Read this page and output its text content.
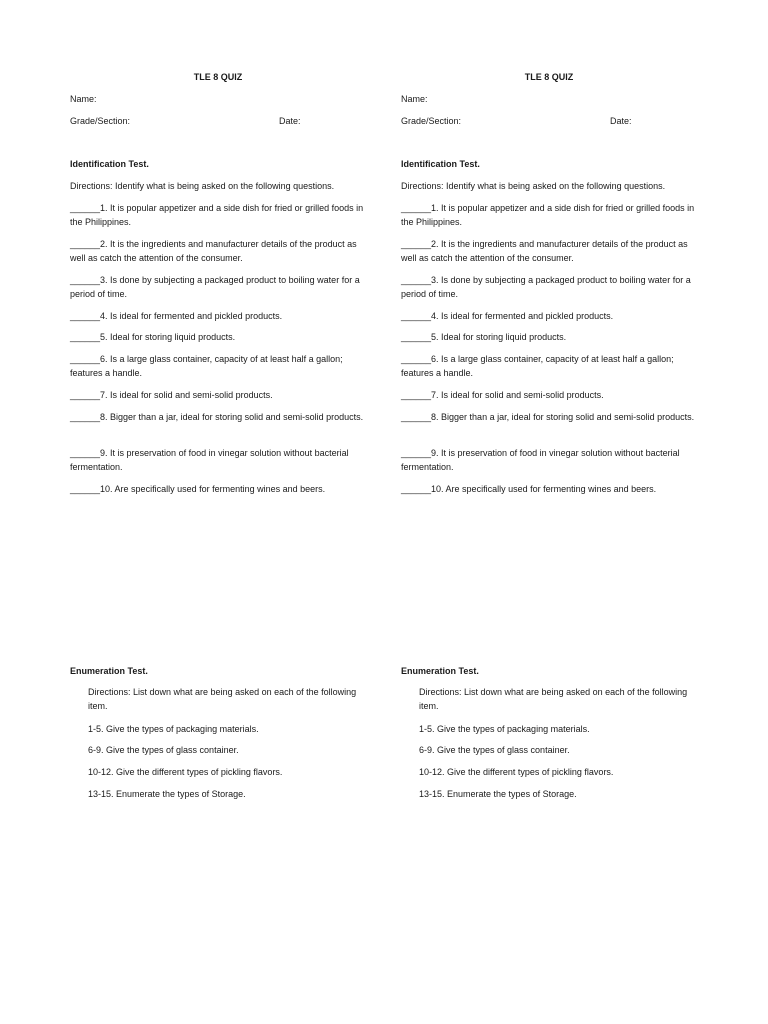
TLE 8 QUIZ
Name:
Grade/Section:	Date:
Identification Test.
Directions: Identify what is being asked on the following questions.
______1. It is popular appetizer and a side dish for fried or grilled foods in the Philippines.
______2. It is the ingredients and manufacturer details of the product as well as catch the attention of the consumer.
______3. Is done by subjecting a packaged product to boiling water for a period of time.
______4. Is ideal for fermented and pickled products.
______5. Ideal for storing liquid products.
______6. Is a large glass container, capacity of at least half a gallon; features a handle.
______7. Is ideal for solid and semi-solid products.
______8. Bigger than a jar, ideal for storing solid and semi-solid products.
______9. It is preservation of food in vinegar solution without bacterial fermentation.
______10. Are specifically used for fermenting wines and beers.
Enumeration Test.
Directions: List down what are being asked on each of the following item.
1-5. Give the types of packaging materials.
6-9. Give the types of glass container.
10-12. Give the different types of pickling flavors.
13-15. Enumerate the types of Storage.
TLE 8 QUIZ
Name:
Grade/Section:	Date:
Identification Test.
Directions: Identify what is being asked on the following questions.
______1. It is popular appetizer and a side dish for fried or grilled foods in the Philippines.
______2. It is the ingredients and manufacturer details of the product as well as catch the attention of the consumer.
______3. Is done by subjecting a packaged product to boiling water for a period of time.
______4. Is ideal for fermented and pickled products.
______5. Ideal for storing liquid products.
______6. Is a large glass container, capacity of at least half a gallon; features a handle.
______7. Is ideal for solid and semi-solid products.
______8. Bigger than a jar, ideal for storing solid and semi-solid products.
______9. It is preservation of food in vinegar solution without bacterial fermentation.
______10. Are specifically used for fermenting wines and beers.
Enumeration Test.
Directions: List down what are being asked on each of the following item.
1-5. Give the types of packaging materials.
6-9. Give the types of glass container.
10-12. Give the different types of pickling flavors.
13-15. Enumerate the types of Storage.
